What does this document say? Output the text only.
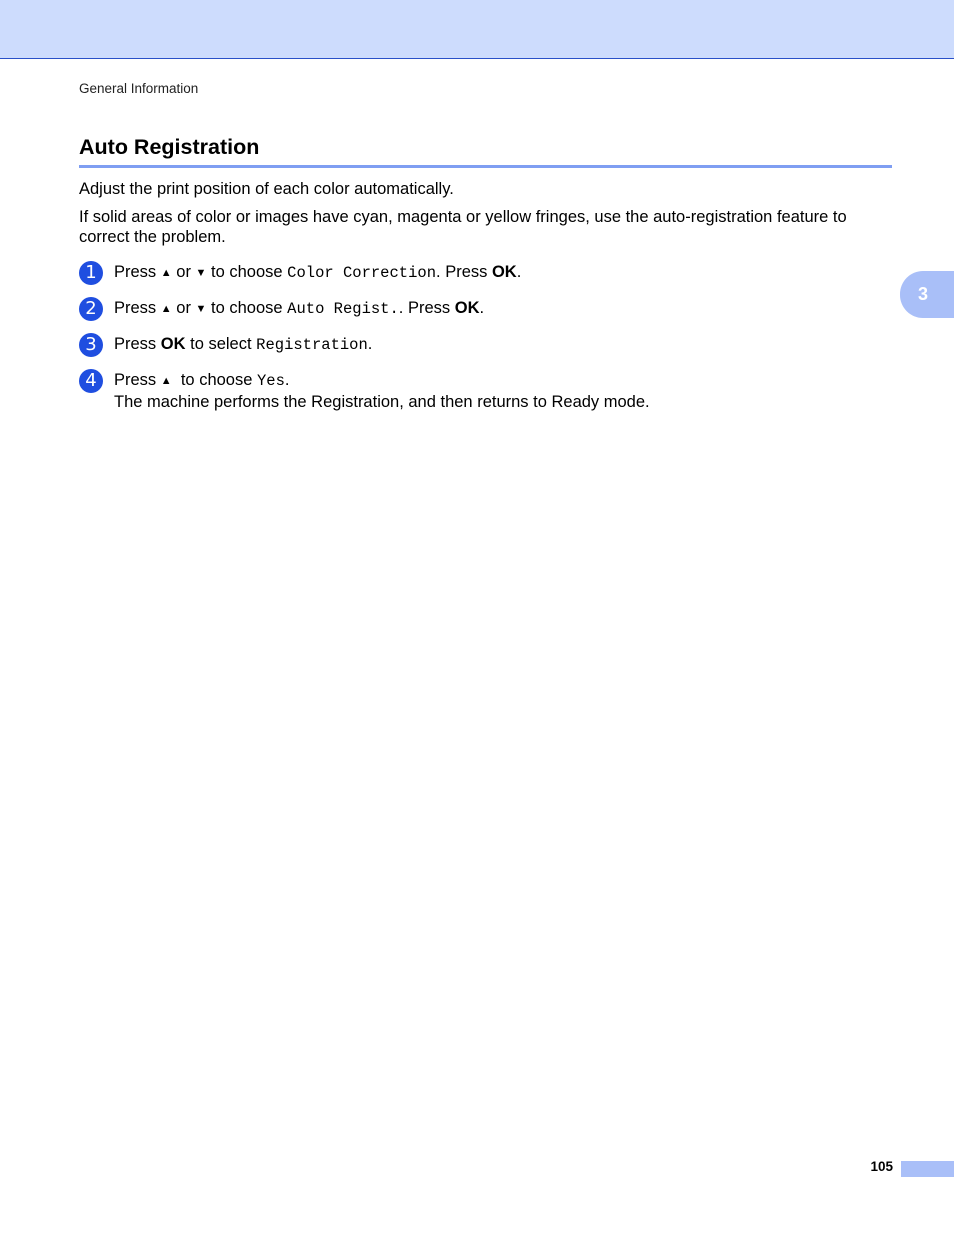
General Information
Auto Registration
Adjust the print position of each color automatically.
If solid areas of color or images have cyan, magenta or yellow fringes, use the auto-registration feature to
correct the problem.
1	Press ▲ or ▼ to choose Color Correction. Press OK.
2	Press ▲ or ▼ to choose Auto Regist.. Press OK.
3	Press OK to select Registration.
4	Press ▲ to choose Yes.
The machine performs the Registration, and then returns to Ready mode.
3
105
